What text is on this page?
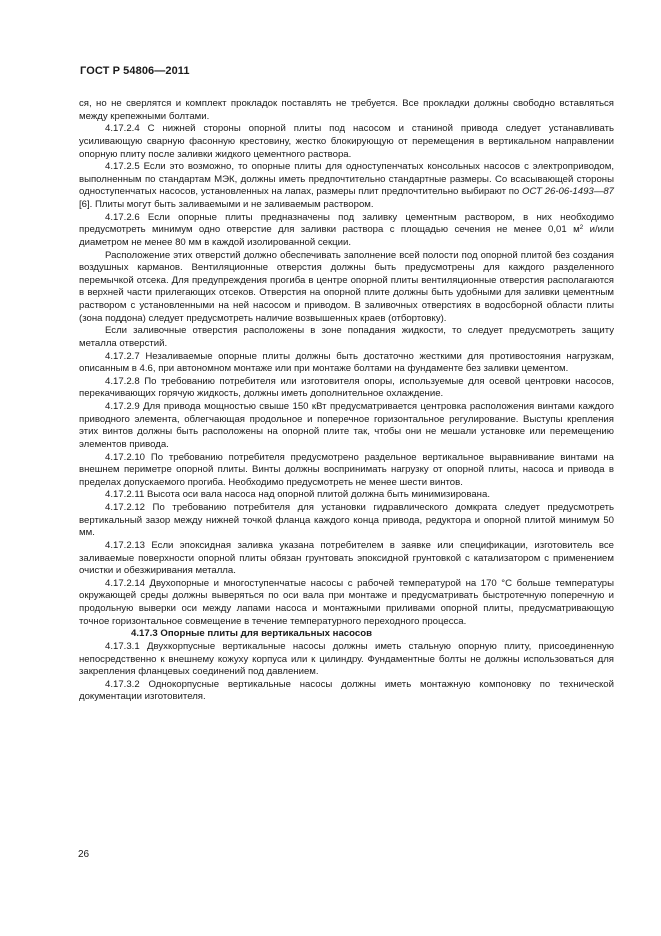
ГОСТ Р 54806—2011

ся, но не сверлятся и комплект прокладок поставлять не требуется. Все прокладки должны свободно вставляться между крепежными болтами.

4.17.2.4 С нижней стороны опорной плиты под насосом и станиной привода следует устанавливать усиливающую сварную фасонную крестовину, жестко блокирующую от перемещения в вертикальном направлении опорную плиту после заливки жидкого цементного раствора.

4.17.2.5 Если это возможно, то опорные плиты для одноступенчатых консольных насосов с электроприводом, выполненным по стандартам МЭК, должны иметь предпочтительно стандартные размеры. Со всасывающей стороны одноступенчатых насосов, установленных на лапах, размеры плит предпочтительно выбирают по ОСТ 26-06-1493—87 [6]. Плиты могут быть заливаемыми и не заливаемым раствором.

4.17.2.6 Если опорные плиты предназначены под заливку цементным раствором, в них необходимо предусмотреть минимум одно отверстие для заливки раствора с площадью сечения не менее 0,01 $м^2$ и/или диаметром не менее 80 мм в каждой изолированной секции.

Расположение этих отверстий должно обеспечивать заполнение всей полости под опорной плитой без создания воздушных карманов. Вентиляционные отверстия должны быть предусмотрены для каждого разделенного перемычкой отсека. Для предупреждения прогиба в центре опорной плиты вентиляционные отверстия располагаются в верхней части прилегающих отсеков. Отверстия на опорной плите должны быть удобными для заливки цементным раствором с установленными на ней насосом и приводом. В заливочных отверстиях в водосборной области плиты (зона поддона) следует предусмотреть наличие возвышенных краев (отбортовку).

Если заливочные отверстия расположены в зоне попадания жидкости, то следует предусмотреть защиту металла отверстий.

4.17.2.7 Незаливаемые опорные плиты должны быть достаточно жесткими для противостояния нагрузкам, описанным в 4.6, при автономном монтаже или при монтаже болтами на фундаменте без заливки цементом.

4.17.2.8 По требованию потребителя или изготовителя опоры, используемые для осевой центровки насосов, перекачивающих горячую жидкость, должны иметь дополнительное охлаждение.

4.17.2.9 Для привода мощностью свыше 150 кВт предусматривается центровка расположения винтами каждого приводного элемента, облегчающая продольное и поперечное горизонтальное регулирование. Выступы крепления этих винтов должны быть расположены на опорной плите так, чтобы они не мешали установке или перемещению элементов привода.

4.17.2.10 По требованию потребителя предусмотрено раздельное вертикальное выравнивание винтами на внешнем периметре опорной плиты. Винты должны воспринимать нагрузку от опорной плиты, насоса и привода в пределах допускаемого прогиба. Необходимо предусмотреть не менее шести винтов.

4.17.2.11 Высота оси вала насоса над опорной плитой должна быть минимизирована.

4.17.2.12 По требованию потребителя для установки гидравлического домкрата следует предусмотреть вертикальный зазор между нижней точкой фланца каждого конца привода, редуктора и опорной плитой минимум 50 мм.

4.17.2.13 Если эпоксидная заливка указана потребителем в заявке или спецификации, изготовитель все заливаемые поверхности опорной плиты обязан грунтовать эпоксидной грунтовкой с катализатором с применением очистки и обезжиривания металла.

4.17.2.14 Двухопорные и многоступенчатые насосы с рабочей температурой на 170 °С больше температуры окружающей среды должны выверяться по оси вала при монтаже и предусматривать быстротечную поперечную и продольную выверки оси между лапами насоса и монтажными приливами опорной плиты, предусматривающую точное горизонтальное совмещение в течение температурного переходного процесса.

4.17.3 Опорные плиты для вертикальных насосов

4.17.3.1 Двухкорпусные вертикальные насосы должны иметь стальную опорную плиту, присоединенную непосредственно к внешнему кожуху корпуса или к цилиндру. Фундаментные болты не должны использоваться для закрепления фланцевых соединений под давлением.

4.17.3.2 Однокорпусные вертикальные насосы должны иметь монтажную компоновку по технической документации изготовителя.

26
